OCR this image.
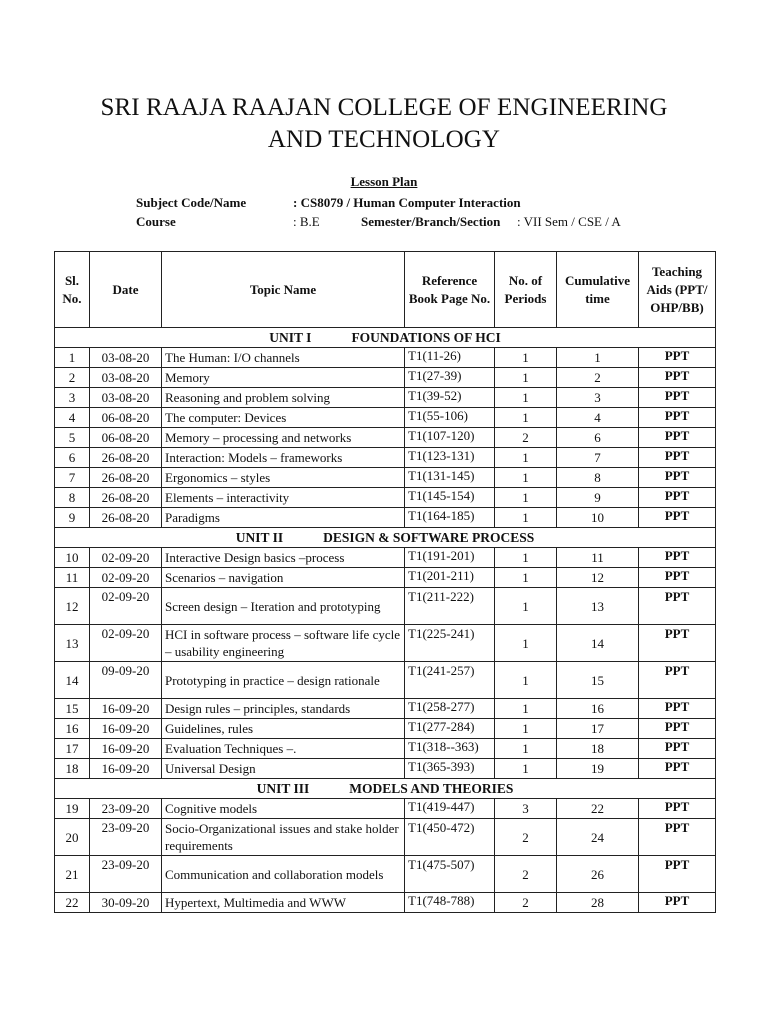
SRI RAAJA RAAJAN COLLEGE OF ENGINEERING
AND TECHNOLOGY
Lesson Plan
Subject Code/Name	: CS8079 / Human Computer Interaction
Course	: B.E	Semester/Branch/Section : VII Sem / CSE / A
Sl. No.	Date	Topic Name	Reference Book Page No.	No. of Periods	Cumulative time	Teaching Aids (PPT/ OHP/BB)
UNIT I FOUNDATIONS OF HCI						
1	03-08-20	The Human: I/O channels	T1(11-26)	1	1	PPT
2	03-08-20	Memory	T1(27-39)	1	2	PPT
3	03-08-20	Reasoning and problem solving	T1(39-52)	1	3	PPT
4	06-08-20	The computer: Devices	T1(55-106)	1	4	PPT
5	06-08-20	Memory – processing and networks	T1(107-120)	2	6	PPT
6	26-08-20	Interaction: Models – frameworks	T1(123-131)	1	7	PPT
7	26-08-20	Ergonomics – styles	T1(131-145)	1	8	PPT
8	26-08-20	Elements – interactivity	T1(145-154)	1	9	PPT
9	26-08-20	Paradigms	T1(164-185)	1	10	PPT
UNIT II DESIGN & SOFTWARE PROCESS						
10	02-09-20	Interactive Design basics –process	T1(191-201)	1	11	PPT
11	02-09-20	Scenarios – navigation	T1(201-211)	1	12	PPT
12	02-09-20	Screen design – Iteration and prototyping	T1(211-222)	1	13	PPT
13	02-09-20	HCI in software process – software life cycle – usability engineering	T1(225-241)	1	14	PPT
14	09-09-20	Prototyping in practice – design rationale	T1(241-257)	1	15	PPT
15	16-09-20	Design rules – principles, standards	T1(258-277)	1	16	PPT
16	16-09-20	Guidelines, rules	T1(277-284)	1	17	PPT
17	16-09-20	Evaluation Techniques –.	T1(318--363)	1	18	PPT
18	16-09-20	Universal Design	T1(365-393)	1	19	PPT
UNIT III MODELS AND THEORIES						
19	23-09-20	Cognitive models	T1(419-447)	3	22	PPT
20	23-09-20	Socio-Organizational issues and stake holder requirements	T1(450-472)	2	24	PPT
21	23-09-20	Communication and collaboration models	T1(475-507)	2	26	PPT
22	30-09-20	Hypertext, Multimedia and WWW	T1(748-788)	2	28	PPT
